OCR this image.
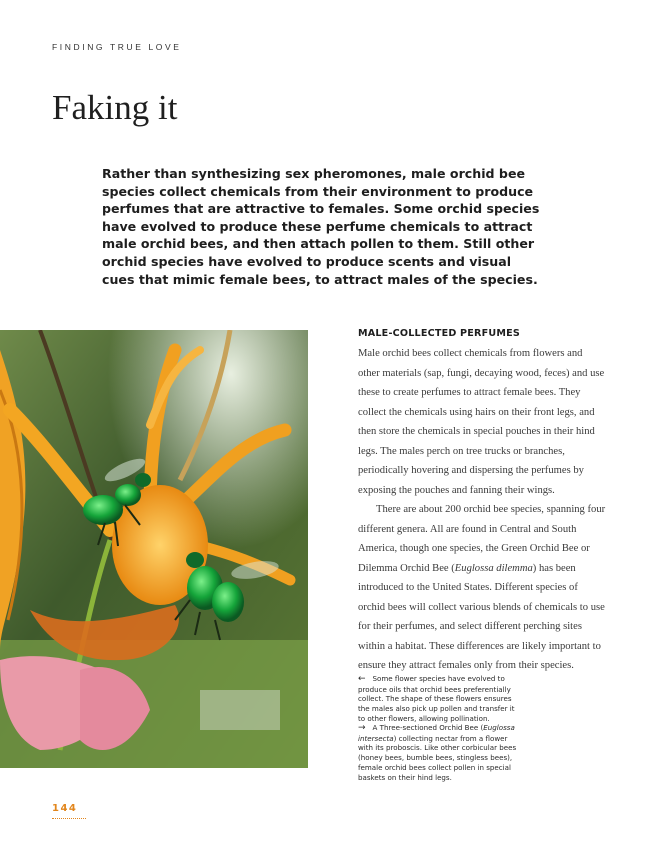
FINDING TRUE LOVE
Faking it

Rather than synthesizing sex pheromones, male orchid bee species collect chemicals from their environment to produce perfumes that are attractive to females. Some orchid species have evolved to produce these perfume chemicals to attract male orchid bees, and then attach pollen to them. Still other orchid species have evolved to produce scents and visual cues that mimic female bees, to attract males of the species.

MALE-COLLECTED PERFUMES

Male orchid bees collect chemicals from flowers and other materials (sap, fungi, decaying wood, feces) and use these to create perfumes to attract female bees. They collect the chemicals using hairs on their front legs, and then store the chemicals in special pouches in their hind legs. The males perch on tree trucks or branches, periodically hovering and dispersing the perfumes by exposing the pouches and fanning their wings.

There are about 200 orchid bee species, spanning four different genera. All are found in Central and South America, though one species, the Green Orchid Bee or Dilemma Orchid Bee (Euglossa dilemma) has been introduced to the United States. Different species of orchid bees will collect various blends of chemicals to use for their perfumes, and select different perching sites within a habitat. These differences are likely important to ensure they attract females only from their species.

← Some flower species have evolved to produce oils that orchid bees preferentially collect. The shape of these flowers ensures the males also pick up pollen and transfer it to other flowers, allowing pollination.

→ A Three-sectioned Orchid Bee (Euglossa intersecta) collecting nectar from a flower with its proboscis. Like other corbicular bees (honey bees, bumble bees, stingless bees), female orchid bees collect pollen in special baskets on their hind legs.

144
